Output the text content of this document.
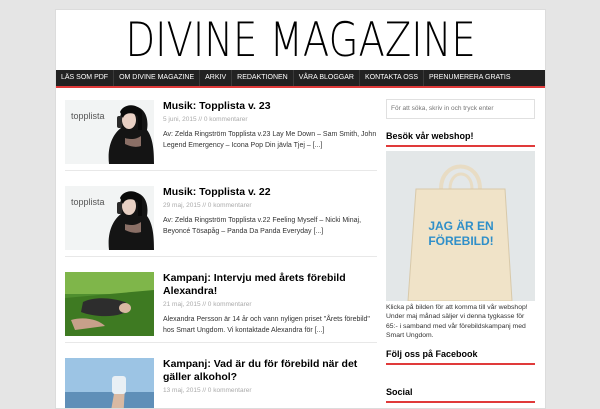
DIVINE MAGAZINE
LÄS SOM PDF	OM DIVINE MAGAZINE	ARKIV	REDAKTIONEN	VÅRA BLOGGAR	KONTAKTA OSS	PRENUMERERA GRATIS
topplista
Musik: Topplista v. 23
5 juni, 2015 // 0 kommentarer
Av: Zelda Ringström Topplista v.23 Lay Me Down – Sam Smith, John Legend Emergency – Icona Pop Din jävla Tjej – [...]
topplista
Musik: Topplista v. 22
29 maj, 2015 // 0 kommentarer
Av: Zelda Ringström Topplista v.22 Feeling Myself – Nicki Minaj, Beyoncé Tösapåg – Panda Da Panda Everyday [...]
Kampanj: Intervju med årets förebild Alexandra!
21 maj, 2015 // 0 kommentarer
Alexandra Persson är 14 år och vann nyligen priset "Årets förebild" hos Smart Ungdom. Vi kontaktade Alexandra för [...]
Kampanj: Vad är du för förebild när det gäller alkohol?
13 maj, 2015 // 0 kommentarer
För att söka, skriv in och tryck enter
Besök vår webshop!
JAG ÄR EN FÖREBILD!
Klicka på bilden för att komma till vår webshop! Under maj månad säljer vi denna tygkasse för 65:- i samband med vår förebildskampanj med Smart Ungdom.
Följ oss på Facebook
Social
